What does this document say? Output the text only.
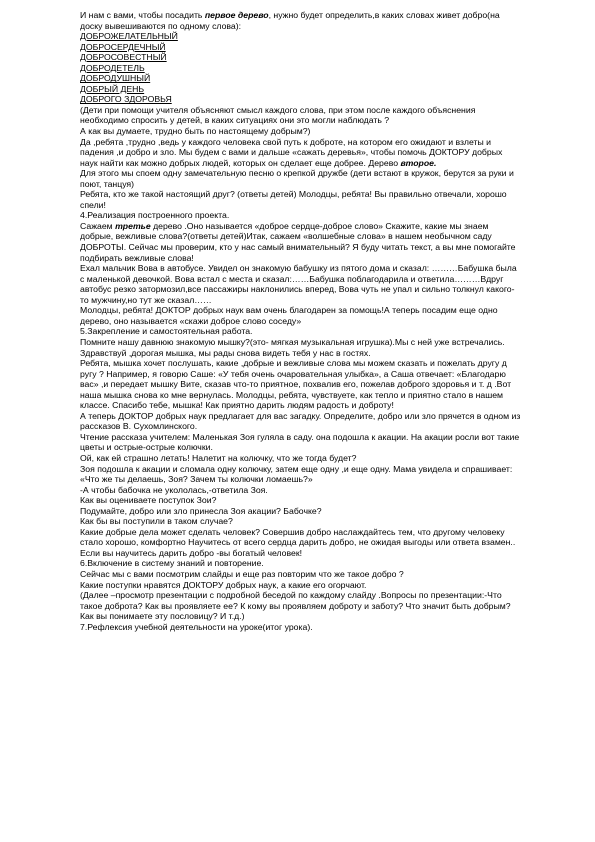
И нам с вами, чтобы посадить первое дерево, нужно будет определить,в каких словах живет добро(на доску вывешиваются по одному слова):

ДОБРОЖЕЛАТЕЛЬНЫЙ

ДОБРОСЕРДЕЧНЫЙ

ДОБРОСОВЕСТНЫЙ

ДОБРОДЕТЕЛЬ

ДОБРОДУШНЫЙ

ДОБРЫЙ ДЕНЬ

ДОБРОГО ЗДОРОВЬЯ

(Дети при помощи учителя объясняют смысл каждого слова, при этом после каждого объяснения необходимо спросить у детей, в каких ситуациях они это могли наблюдать ?

А как вы думаете, трудно быть по настоящему добрым?)

Да ,ребята ,трудно ,ведь у каждого человека свой путь к доброте, на котором его ожидают и взлеты и падения ,и добро и зло. Мы будем с вами и дальше «сажать деревья», чтобы помочь ДОКТОРУ добрых наук найти как можно добрых людей, которых он сделает еще добрее. Дерево второе.

Для этого мы споем одну замечательную песню о крепкой дружбе (дети встают в кружок, берутся за руки и поют, танцуя)

Ребята, кто же такой настоящий друг? (ответы детей) Молодцы, ребята! Вы правильно отвечали, хорошо спели!

4.Реализация построенного проекта.

Сажаем третье дерево .Оно называется «доброе сердце-доброе слово» Скажите, какие мы знаем добрые, вежливые слова?(ответы детей)Итак, сажаем «волшебные слова» в нашем необычном саду ДОБРОТЫ. Сейчас мы проверим, кто у нас самый внимательный? Я буду читать текст, а вы мне помогайте подбирать вежливые слова!

Ехал мальчик Вова в автобусе. Увидел он знакомую бабушку из пятого дома и сказал: ………Бабушка была с маленькой девочкой. Вова встал с места и сказал:……Бабушка поблагодарила и ответила………Вдруг автобус резко затормозил,все пассажиры наклонились вперед, Вова чуть не упал и сильно толкнул какого-то мужчину,но тут же сказал……

Молодцы, ребята! ДОКТОР добрых наук вам очень благодарен за помощь!А теперь посадим еще одно дерево, оно называется «скажи доброе слово соседу»

5.Закрепление и самостоятельная работа.

Помните нашу давнюю знакомую мышку?(это- мягкая музыкальная игрушка).Мы с ней уже встречались. Здравствуй ,дорогая мышка, мы рады снова видеть тебя у нас в гостях.

Ребята, мышка хочет послушать, какие ,добрые и вежливые слова мы можем сказать и пожелать другу д ругу ? Например, я говорю Саше: «У тебя очень очаровательная улыбка», а Саша отвечает: «Благодарю вас» ,и передает мышку Вите, сказав что-то приятное, похвалив его, пожелав доброго здоровья и т. д .Вот наша мышка снова ко мне вернулась. Молодцы, ребята, чувствуете, как тепло и приятно стало в нашем классе. Спасибо тебе, мышка! Как приятно дарить людям радость и доброту!

А теперь ДОКТОР добрых наук предлагает для вас загадку. Определите, добро или зло прячется в одном из рассказов В. Сухомлинского.

Чтение рассказа учителем: Маленькая Зоя гуляла в саду. она подошла к акации. На акации росли вот такие цветы и острые-острые колючки.

Ой, как ей страшно летать! Налетит на колючку, что же тогда будет?

Зоя подошла к акации и сломала одну колючку, затем еще одну ,и еще одну. Мама увидела и спрашивает: «Что же ты делаешь, Зоя? Зачем ты колючки ломаешь?»

-А чтобы бабочка не укололась,-ответила Зоя.

Как вы оцениваете поступок Зои?

Подумайте, добро или зло принесла Зоя акации? Бабочке?

Как бы вы поступили в таком случае?

Какие добрые дела может сделать человек? Совершив добро наслаждайтесь тем, что другому человеку стало хорошо, комфортно Научитесь от всего сердца дарить добро, не ожидая выгоды или ответа взамен.. Если вы научитесь дарить добро -вы богатый человек!

6.Включение в систему знаний и повторение.

Сейчас мы с вами посмотрим слайды и еще раз повторим что же такое добро ?

Какие поступки нравятся ДОКТОРУ добрых наук, а какие его огорчают.

(Далее –просмотр презентации с подробной беседой по каждому слайду .Вопросы по презентации:-Что такое доброта? Как вы проявляете ее? К кому вы проявляем доброту и заботу? Что значит быть добрым? Как вы понимаете эту пословицу? И т.д.)

7.Рефлексия учебной деятельности на уроке(итог урока).
